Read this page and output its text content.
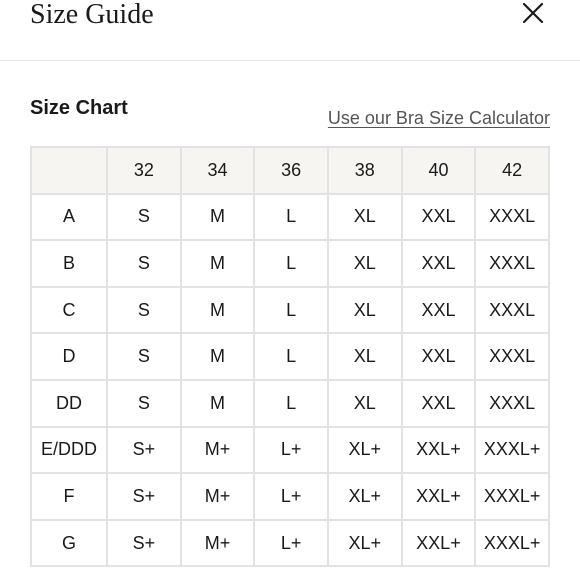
Size Guide
Size Chart	Use our Bra Size Calculator
	32	34	36	38	40	42
A	S	M	L	XL	XXL	XXXL
B	S	M	L	XL	XXL	XXXL
C	S	M	L	XL	XXL	XXXL
D	S	M	L	XL	XXL	XXXL
DD	S	M	L	XL	XXL	XXXL
E/DDD	S+	M+	L+	XL+	XXL+	XXXL+
F	S+	M+	L+	XL+	XXL+	XXXL+
G	S+	M+	L+	XL+	XXL+	XXXL+
